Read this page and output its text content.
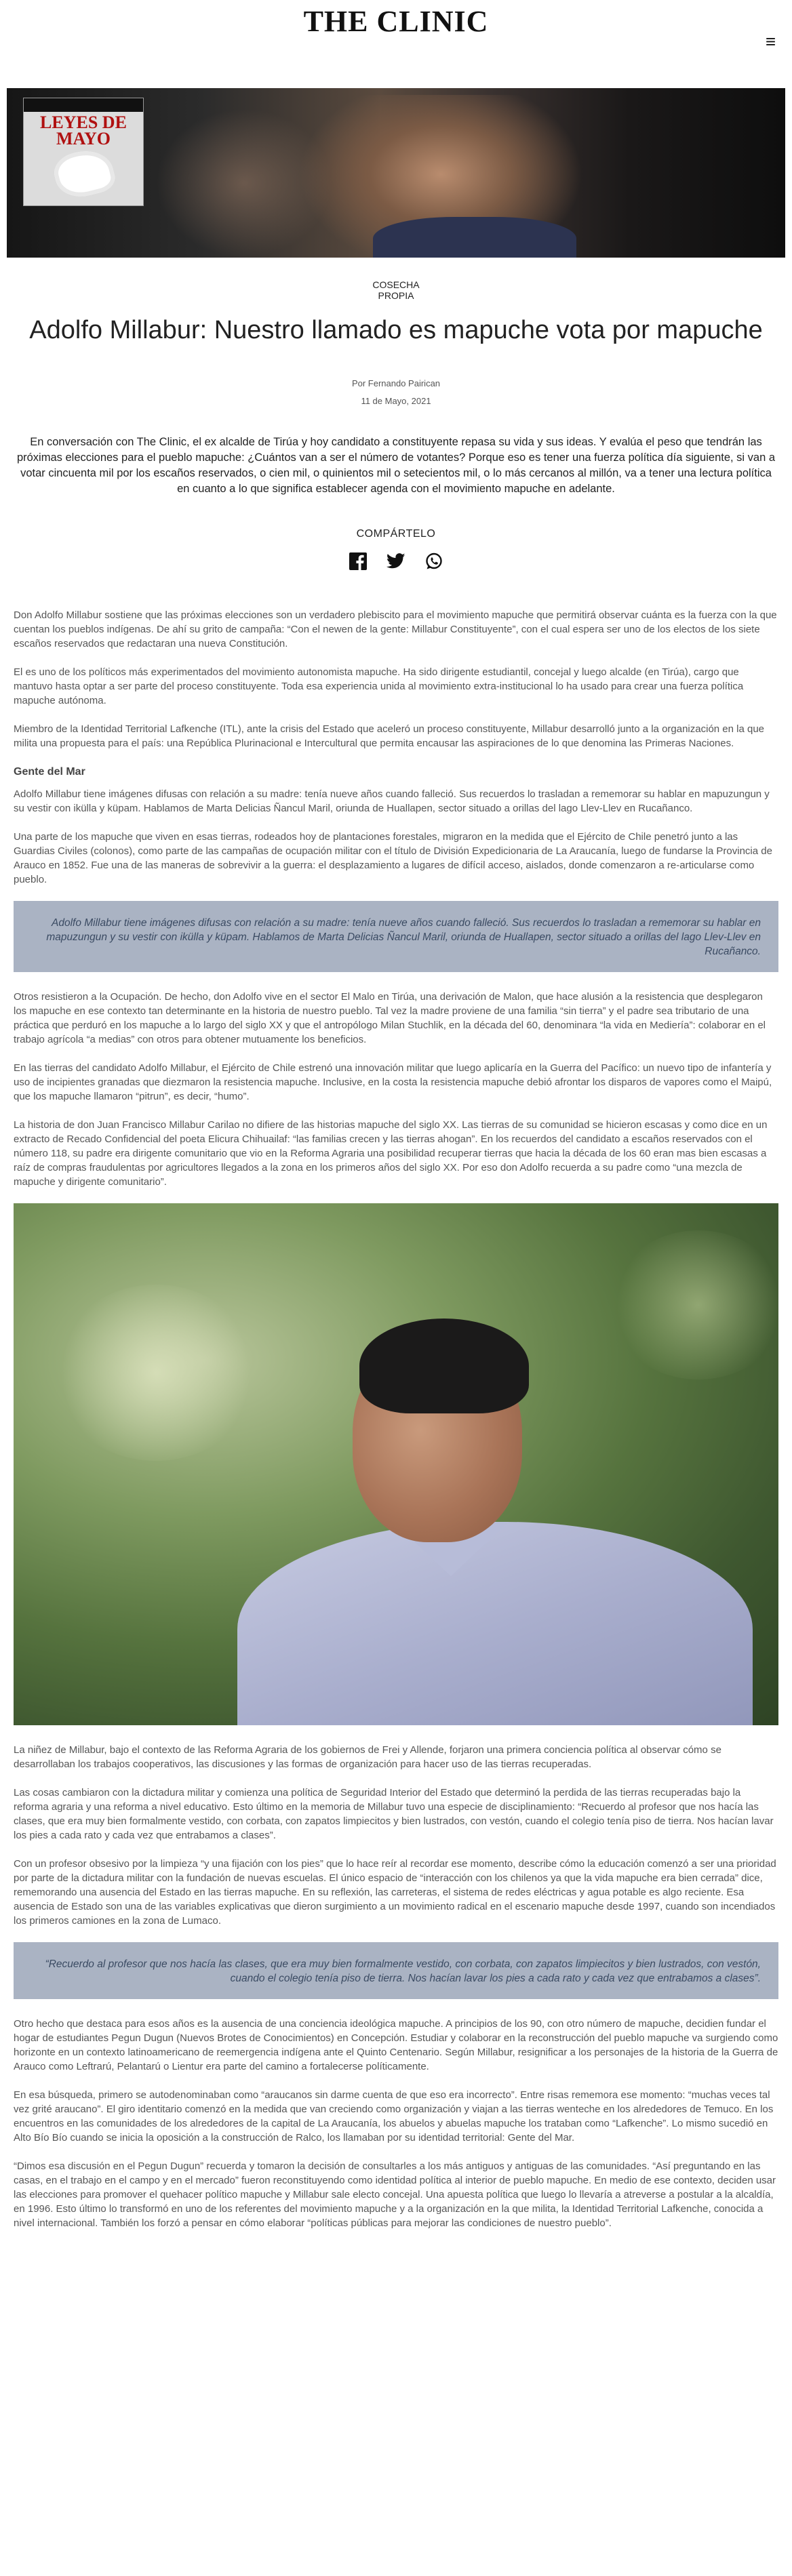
THE CLINIC
≡
LEYES DE MAYO
COSECHA
PROPIA
Adolfo Millabur: Nuestro llamado es mapuche vota por mapuche
Por Fernando Pairican
11 de Mayo, 2021

En conversación con The Clinic, el ex alcalde de Tirúa y hoy candidato a constituyente repasa su vida y sus ideas. Y evalúa el peso que tendrán las próximas elecciones para el pueblo mapuche: ¿Cuántos van a ser el número de votantes? Porque eso es tener una fuerza política día siguiente, si van a votar cincuenta mil por los escaños reservados, o cien mil, o quinientos mil o setecientos mil, o lo más cercanos al millón, va a tener una lectura política en cuanto a lo que significa establecer agenda con el movimiento mapuche en adelante.

COMPÁRTELO

Don Adolfo Millabur sostiene que las próximas elecciones son un verdadero plebiscito para el movimiento mapuche que permitirá observar cuánta es la fuerza con la que cuentan los pueblos indígenas. De ahí su grito de campaña: “Con el newen de la gente: Millabur Constituyente”, con el cual espera ser uno de los electos de los siete escaños reservados que redactaran una nueva Constitución.

El es uno de los políticos más experimentados del movimiento autonomista mapuche. Ha sido dirigente estudiantil, concejal y luego alcalde (en Tirúa), cargo que mantuvo hasta optar a ser parte del proceso constituyente. Toda esa experiencia unida al movimiento extra-institucional lo ha usado para crear una fuerza política mapuche autónoma.

Miembro de la Identidad Territorial Lafkenche (ITL), ante la crisis del Estado que aceleró un proceso constituyente, Millabur desarrolló junto a la organización en la que milita una propuesta para el país: una República Plurinacional e Intercultural que permita encausar las aspiraciones de lo que denomina las Primeras Naciones.

Gente del Mar

Adolfo Millabur tiene imágenes difusas con relación a su madre: tenía nueve años cuando falleció. Sus recuerdos lo trasladan a rememorar su hablar en mapuzungun y su vestir con ikülla y küpam. Hablamos de Marta Delicias Ñancul Maril, oriunda de Huallapen, sector situado a orillas del lago Llev-Llev en Rucañanco.

Una parte de los mapuche que viven en esas tierras, rodeados hoy de plantaciones forestales, migraron en la medida que el Ejército de Chile penetró junto a las Guardias Civiles (colonos), como parte de las campañas de ocupación militar con el título de División Expedicionaria de La Araucanía, luego de fundarse la Provincia de Arauco en 1852. Fue una de las maneras de sobrevivir a la guerra: el desplazamiento a lugares de difícil acceso, aislados, donde comenzaron a re-articularse como pueblo.

Adolfo Millabur tiene imágenes difusas con relación a su madre: tenía nueve años cuando falleció. Sus recuerdos lo trasladan a rememorar su hablar en mapuzungun y su vestir con ikülla y küpam. Hablamos de Marta Delicias Ñancul Maril, oriunda de Huallapen, sector situado a orillas del lago Llev-Llev en Rucañanco.

Otros resistieron a la Ocupación. De hecho, don Adolfo vive en el sector El Malo en Tirúa, una derivación de Malon, que hace alusión a la resistencia que desplegaron los mapuche en ese contexto tan determinante en la historia de nuestro pueblo. Tal vez la madre proviene de una familia “sin tierra” y el padre sea tributario de una práctica que perduró en los mapuche a lo largo del siglo XX y que el antropólogo Milan Stuchlik, en la década del 60, denominara “la vida en Mediería”: colaborar en el trabajo agrícola “a medias” con otros para obtener mutuamente los beneficios.

En las tierras del candidato Adolfo Millabur, el Ejército de Chile estrenó una innovación militar que luego aplicaría en la Guerra del Pacífico: un nuevo tipo de infantería y uso de incipientes granadas que diezmaron la resistencia mapuche. Inclusive, en la costa la resistencia mapuche debió afrontar los disparos de vapores como el Maipú, que los mapuche llamaron “pitrun”, es decir, “humo”.

La historia de don Juan Francisco Millabur Carilao no difiere de las historias mapuche del siglo XX. Las tierras de su comunidad se hicieron escasas y como dice en un extracto de Recado Confidencial del poeta Elicura Chihuailaf: “las familias crecen y las tierras ahogan”. En los recuerdos del candidato a escaños reservados con el número 118, su padre era dirigente comunitario que vio en la Reforma Agraria una posibilidad recuperar tierras que hacia la década de los 60 eran mas bien escasas a raíz de compras fraudulentas por agricultores llegados a la zona en los primeros años del siglo XX. Por eso don Adolfo recuerda a su padre como “una mezcla de mapuche y dirigente comunitario”.

La niñez de Millabur, bajo el contexto de las Reforma Agraria de los gobiernos de Frei y Allende, forjaron una primera conciencia política al observar cómo se desarrollaban los trabajos cooperativos, las discusiones y las formas de organización para hacer uso de las tierras recuperadas.

Las cosas cambiaron con la dictadura militar y comienza una política de Seguridad Interior del Estado que determinó la perdida de las tierras recuperadas bajo la reforma agraria y una reforma a nivel educativo. Esto último en la memoria de Millabur tuvo una especie de disciplinamiento: “Recuerdo al profesor que nos hacía las clases, que era muy bien formalmente vestido, con corbata, con zapatos limpiecitos y bien lustrados, con vestón, cuando el colegio tenía piso de tierra. Nos hacían lavar los pies a cada rato y cada vez que entrabamos a clases”.

Con un profesor obsesivo por la limpieza “y una fijación con los pies” que lo hace reír al recordar ese momento, describe cómo la educación comenzó a ser una prioridad por parte de la dictadura militar con la fundación de nuevas escuelas. El único espacio de “interacción con los chilenos ya que la vida mapuche era bien cerrada” dice, rememorando una ausencia del Estado en las tierras mapuche. En su reflexión, las carreteras, el sistema de redes eléctricas y agua potable es algo reciente. Esa ausencia de Estado son una de las variables explicativas que dieron surgimiento a un movimiento radical en el escenario mapuche desde 1997, cuando son incendiados los primeros camiones en la zona de Lumaco.

“Recuerdo al profesor que nos hacía las clases, que era muy bien formalmente vestido, con corbata, con zapatos limpiecitos y bien lustrados, con vestón, cuando el colegio tenía piso de tierra. Nos hacían lavar los pies a cada rato y cada vez que entrabamos a clases”.

Otro hecho que destaca para esos años es la ausencia de una conciencia ideológica mapuche. A principios de los 90, con otro número de mapuche, decidien fundar el hogar de estudiantes Pegun Dugun (Nuevos Brotes de Conocimientos) en Concepción. Estudiar y colaborar en la reconstrucción del pueblo mapuche va surgiendo como horizonte en un contexto latinoamericano de reemergencia indígena ante el Quinto Centenario. Según Millabur, resignificar a los personajes de la historia de la Guerra de Arauco como Leftrarú, Pelantarú o Lientur era parte del camino a fortalecerse políticamente.

En esa búsqueda, primero se autodenominaban como “araucanos sin darme cuenta de que eso era incorrecto”. Entre risas rememora ese momento: “muchas veces tal vez grité araucano”. El giro identitario comenzó en la medida que van creciendo como organización y viajan a las tierras wenteche en los alrededores de Temuco. En los encuentros en las comunidades de los alrededores de la capital de La Araucanía, los abuelos y abuelas mapuche los trataban como “Lafkenche”. Lo mismo sucedió en Alto Bío Bío cuando se inicia la oposición a la construcción de Ralco, los llamaban por su identidad territorial: Gente del Mar.

“Dimos esa discusión en el Pegun Dugun” recuerda y tomaron la decisión de consultarles a los más antiguos y antiguas de las comunidades. “Así preguntando en las casas, en el trabajo en el campo y en el mercado” fueron reconstituyendo como identidad política al interior de pueblo mapuche. En medio de ese contexto, deciden usar las elecciones para promover el quehacer político mapuche y Millabur sale electo concejal. Una apuesta política que luego lo llevaría a atreverse a postular a la alcaldía, en 1996. Esto último lo transformó en uno de los referentes del movimiento mapuche y a la organización en la que milita, la Identidad Territorial Lafkenche, conocida a nivel internacional. También los forzó a pensar en cómo elaborar “políticas públicas para mejorar las condiciones de nuestro pueblo”.
